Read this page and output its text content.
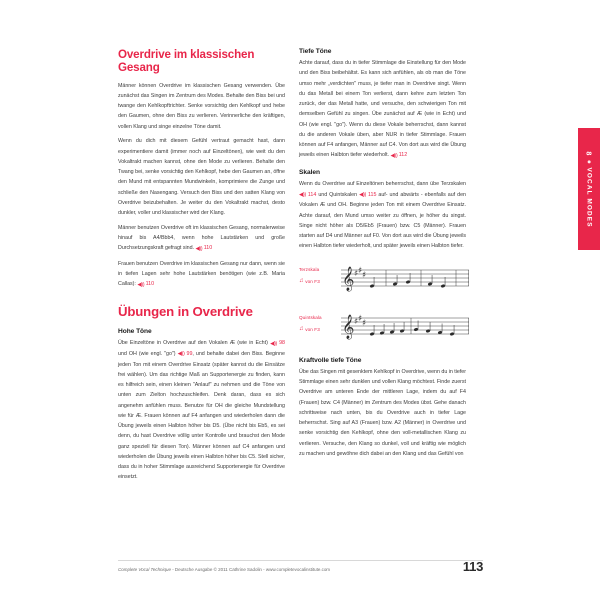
8
VOCAL MODES
Overdrive im klassischen Gesang

Männer können Overdrive im klassischen Gesang verwenden. Übe zunächst das Singen im Zentrum des Modes. Behalte den Biss bei und twange den Kehlkopftrichter. Senke vorsichtig den Kehlkopf und hebe den Gaumen, ohne den Biss zu verlieren. Verinnerliche den kräftigen, vollen Klang und singe einzelne Töne damit.

Wenn du dich mit diesem Gefühl vertraut gemacht hast, dann experimentiere damit (immer noch auf Einzeltönen), wie weit du den Vokaltrakt machen kannst, ohne den Mode zu verlieren. Behalte den Twang bei, senke vorsichtig den Kehlkopf, hebe den Gaumen an, öffne den Mund mit entspannten Mundwinkeln, komprimiere die Zunge und schließe den Nasengang. Versuch den Biss und den satten Klang von Overdrive beizubehalten. Je weiter du den Vokaltrakt machst, desto dunkler, voller und klassischer wird der Klang.

Männer benutzen Overdrive oft im klassischen Gesang, normalerweise hinauf bis A4/Bbb4, wenn hohe Lautstärken und große Durchsetzungskraft gefragt sind. ◀)) 110

Frauen benutzen Overdrive im klassischen Gesang nur dann, wenn sie in tiefen Lagen sehr hohe Lautstärken benötigen (wie z.B. Maria Callas): ◀)) 110

Übungen in Overdrive
Hohe Töne

Übe Einzeltöne in Overdrive auf den Vokalen Æ (wie in Echt) ◀)) 98 und OH (wie engl. "go") ◀)) 99, und behalte dabei den Biss. Beginne jeden Ton mit einem Overdrive Einsatz (später kannst du die Einsätze frei wählen). Um das richtige Maß an Supportenergie zu finden, kann es hilfreich sein, einen kleinen "Anlauf" zu nehmen und die Töne von unten zum Zielton hochzuschleifen. Denk daran, dass es sich angenehm anfühlen muss. Benutze für OH die gleiche Mundstellung wie für Æ. Frauen können auf F4 anfangen und wiederholen dann die Übung jeweils einen Halbton höher bis D5. (Übe nicht bis Eb5, es sei denn, du hast Overdrive völlig unter Kontrolle und brauchst den Mode ganz speziell für diesen Ton). Männer können auf C4 anfangen und wiederholen die Übung jeweils einen Halbton höher bis C5. Stell sicher, dass du in hoher Stimmlage ausreichend Supportenergie für Overdrive einsetzt.

Tiefe Töne

Achte darauf, dass du in tiefer Stimmlage die Einstellung für den Mode und den Biss beibehältst. Es kann sich anfühlen, als ob man die Töne umso mehr „verdichten" muss, je tiefer man in Overdrive singt. Wenn du das Metall bei einem Ton verlierst, dann kehre zum letzten Ton zurück, der das Metall hatte, und versuche, den schwierigen Ton mit demselben Gefühl zu singen. Übe zunächst auf Æ (wie in Echt) und OH (wie engl. "go"). Wenn du diese Vokale beherrschst, dann kannst du die anderen Vokale üben, aber NUR in tiefer Stimmlage. Frauen können auf F4 anfangen, Männer auf C4. Von dort aus wird die Übung jeweils einen Halbton tiefer wiederholt. ◀)) 112

Skalen

Wenn du Overdrive auf Einzeltönen beherrschst, dann übe Terzskalen ◀)) 114 und Quintskalen ◀)) 115 auf- und abwärts - ebenfalls auf den Vokalen Æ und OH. Beginne jeden Ton mit einem Overdrive Einsatz. Achte darauf, den Mund umso weiter zu öffnen, je höher du singst. Singe nicht höher als D5/Eb5 (Frauen) bzw. C5 (Männer). Frauen starten auf D4 und Männer auf F0. Von dort aus wird die Übung jeweils einen Halbton tiefer wiederholt, und später jeweils einen Halbton tiefer.

Terzskala
♫ von F3 𝄞 ♯ ♯ ♯
Quintskala
♫ von F3 𝄞 ♯ ♯ ♯
Kraftvolle tiefe Töne

Übe das Singen mit gesenktem Kehlkopf in Overdrive, wenn du in tiefer Stimmlage einen sehr dunklen und vollen Klang möchtest. Finde zuerst Overdrive am unteren Ende der mittleren Lage, indem du auf F4 (Frauen) bzw. C4 (Männer) im Zentrum des Modes übst. Gehe danach schrittweise nach unten, bis du Overdrive auch in tiefer Lage beherrschst. Sing auf A3 (Frauen) bzw. A2 (Männer) in Overdrive und senke vorsichtig den Kehlkopf, ohne den voll-metallischen Klang zu verlieren. Versuche, den Klang so dunkel, voll und kräftig wie möglich zu machen und gewöhne dich dabei an den Klang und das Gefühl von

Complete Vocal Technique - Deutsche Ausgabe © 2011 Cathrine Sadolin - www.completevocalinstitute.com	113
